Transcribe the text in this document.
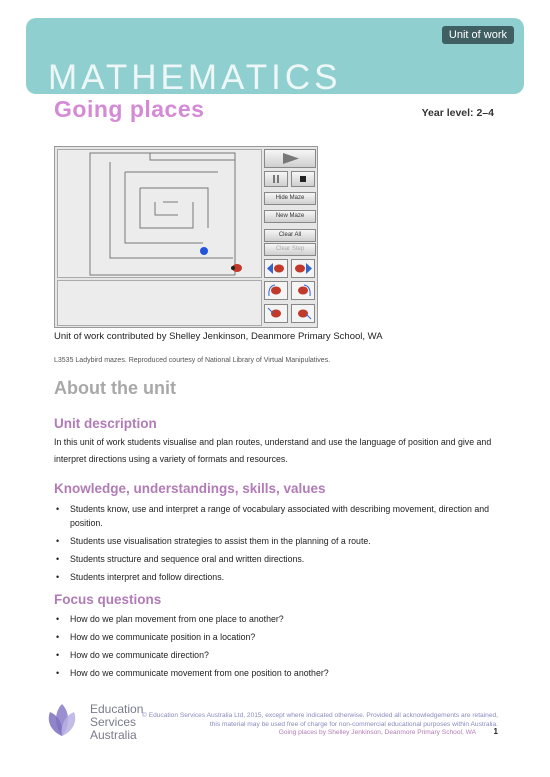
Unit of work
MATHEMATICS
Going places	Year level: 2–4
Hide Maze
New Maze
Clear All
Clear Step
Unit of work contributed by Shelley Jenkinson, Deanmore Primary School, WA
L3535 Ladybird mazes. Reproduced courtesy of National Library of Virtual Manipulatives.
About the unit
Unit description

In this unit of work students visualise and plan routes, understand and use the language of position and give and interpret directions using a variety of formats and resources.

Knowledge, understandings, skills, values
• Students know, use and interpret a range of vocabulary associated with describing movement, direction and position.
• Students use visualisation strategies to assist them in the planning of a route.
• Students structure and sequence oral and written directions.
• Students interpret and follow directions.
Focus questions
• How do we plan movement from one place to another?
• How do we communicate position in a location?
• How do we communicate direction?
• How do we communicate movement from one position to another?
Education
Services
Australia
© Education Services Australia Ltd, 2015, except where indicated otherwise. Provided all acknowledgements are retained, this material may be used free of charge for non-commercial educational purposes within Australia.
Going places by Shelley Jenkinson, Deanmore Primary School, WA 1
